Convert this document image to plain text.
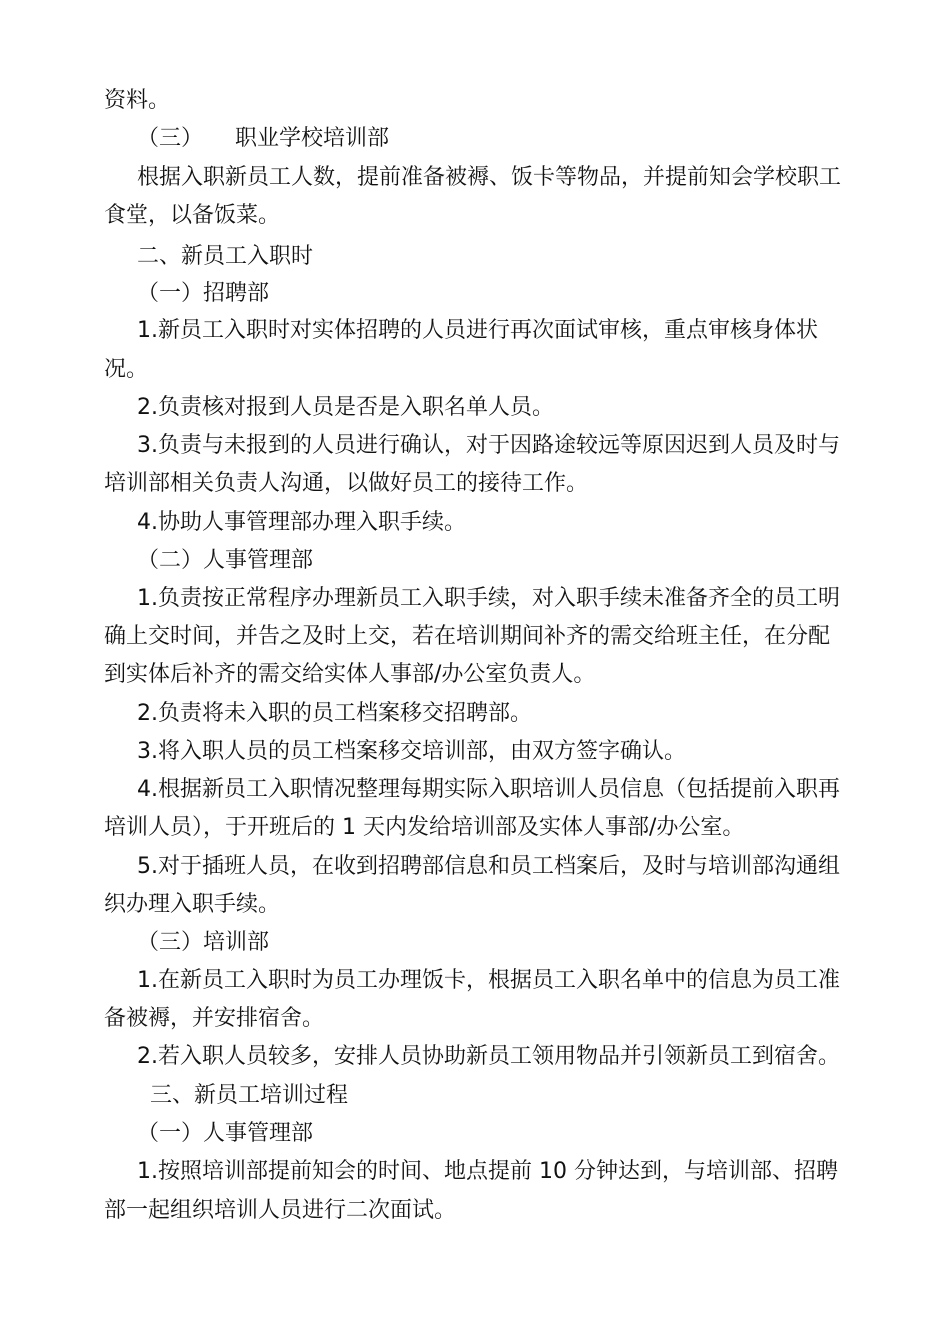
资料。
（三） 职业学校培训部
根据入职新员工人数，提前准备被褥、饭卡等物品，并提前知会学校职工
食堂，以备饭菜。
二、新员工入职时
（一）招聘部
1.新员工入职时对实体招聘的人员进行再次面试审核，重点审核身体状
况。
2.负责核对报到人员是否是入职名单人员。
3.负责与未报到的人员进行确认，对于因路途较远等原因迟到人员及时与
培训部相关负责人沟通，以做好员工的接待工作。
4.协助人事管理部办理入职手续。
（二）人事管理部
1.负责按正常程序办理新员工入职手续，对入职手续未准备齐全的员工明
确上交时间，并告之及时上交，若在培训期间补齐的需交给班主任，在分配
到实体后补齐的需交给实体人事部/办公室负责人。
2.负责将未入职的员工档案移交招聘部。
3.将入职人员的员工档案移交培训部，由双方签字确认。
4.根据新员工入职情况整理每期实际入职培训人员信息（包括提前入职再
培训人员），于开班后的 1 天内发给培训部及实体人事部/办公室。
5.对于插班人员，在收到招聘部信息和员工档案后，及时与培训部沟通组
织办理入职手续。
（三）培训部
1.在新员工入职时为员工办理饭卡，根据员工入职名单中的信息为员工准
备被褥，并安排宿舍。
2.若入职人员较多，安排人员协助新员工领用物品并引领新员工到宿舍。
三、新员工培训过程
（一）人事管理部
1.按照培训部提前知会的时间、地点提前 10 分钟达到，与培训部、招聘
部一起组织培训人员进行二次面试。
